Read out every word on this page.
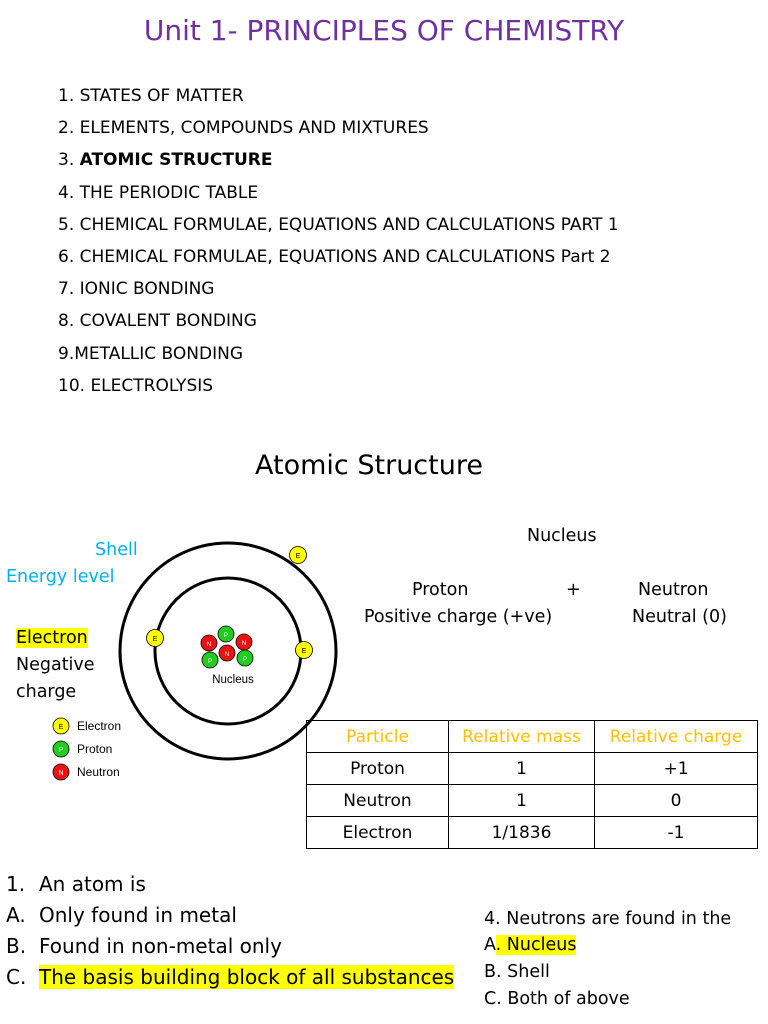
Unit 1- PRINCIPLES OF CHEMISTRY
1. STATES OF MATTER
2. ELEMENTS, COMPOUNDS AND MIXTURES
3. ATOMIC STRUCTURE
4. THE PERIODIC TABLE
5. CHEMICAL FORMULAE, EQUATIONS AND CALCULATIONS PART 1
6. CHEMICAL FORMULAE, EQUATIONS AND CALCULATIONS Part 2
7. IONIC BONDING
8. COVALENT BONDING
9.METALLIC BONDING
10. ELECTROLYSIS
Atomic Structure
N
P
N
P
N
P
Nucleus
E
E
E
E
P
N
Electron
Proton
Neutron
Shell
Energy level
Electron
Negative
charge
Nucleus
Proton	+	Neutron
Positive charge (+ve)	Neutral (0)
Particle	Relative mass	Relative charge
Proton	1	+1
Neutron	1	0
Electron	1/1836	-1
1. An atom is
A. Only found in metal
B. Found in non-metal only
C. The basis building block of all substances
4. Neutrons are found in the
A. Nucleus
B. Shell
C. Both of above
